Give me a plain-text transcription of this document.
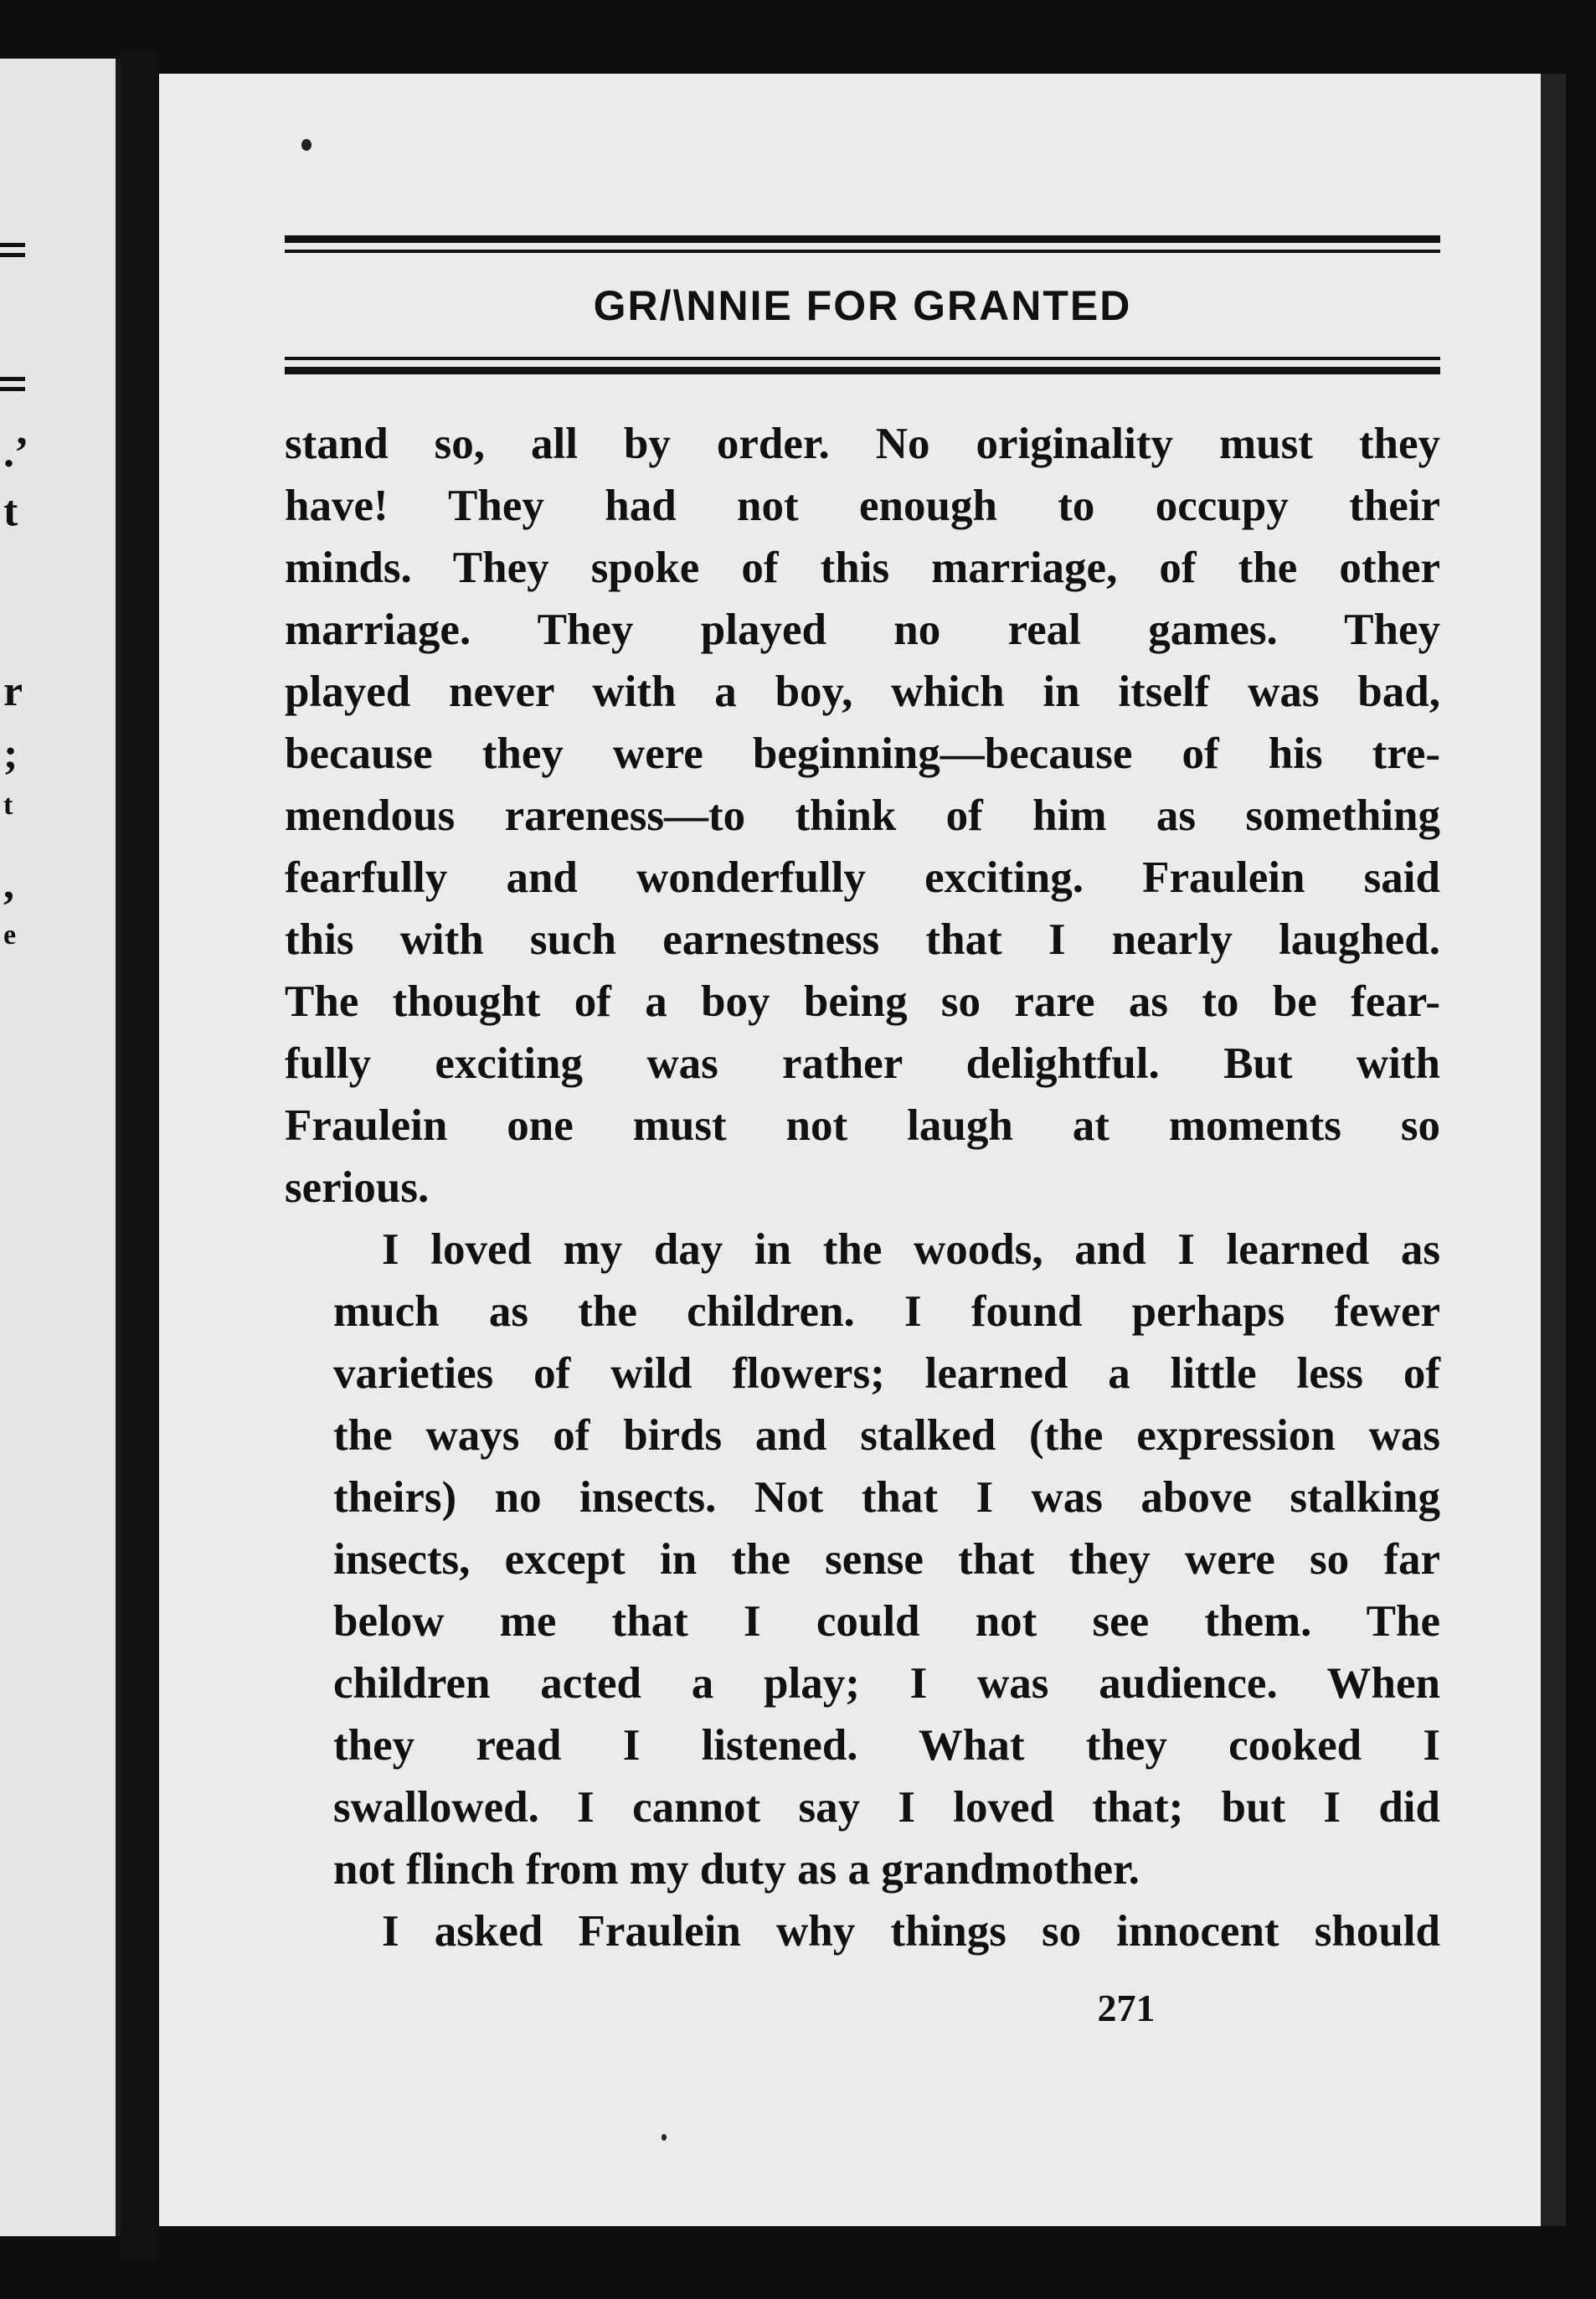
.’
t
r
;
t
,
e
GR/\NNIE FOR GRANTED

stand so, all by order. No originality must they
have! They had not enough to occupy their
minds. They spoke of this marriage, of the other
marriage. They played no real games. They
played never with a boy, which in itself was bad,
because they were beginning—because of his tre-
mendous rareness—to think of him as something
fearfully and wonderfully exciting. Fraulein said
this with such earnestness that I nearly laughed.
The thought of a boy being so rare as to be fear-
fully exciting was rather delightful. But with
Fraulein one must not laugh at moments so
serious.

I loved my day in the woods, and I learned as
much as the children. I found perhaps fewer
varieties of wild flowers; learned a little less of
the ways of birds and stalked (the expression was
theirs) no insects. Not that I was above stalking
insects, except in the sense that they were so far
below me that I could not see them. The
children acted a play; I was audience. When
they read I listened. What they cooked I
swallowed. I cannot say I loved that; but I did
not flinch from my duty as a grandmother.

I asked Fraulein why things so innocent should

271
